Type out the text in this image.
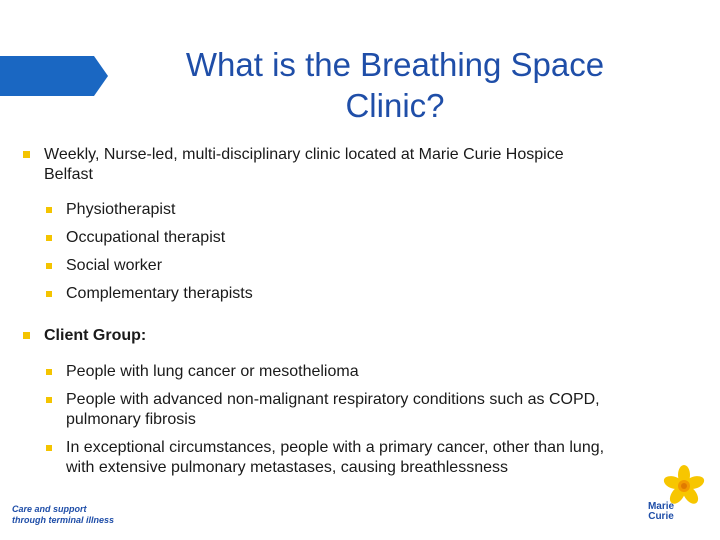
What is the Breathing Space
Clinic?
Weekly, Nurse-led, multi-disciplinary clinic located at Marie Curie Hospice
Belfast
Physiotherapist
Occupational therapist
Social worker
Complementary therapists
Client Group:
People with lung cancer or mesothelioma
People with advanced non-malignant respiratory conditions such as COPD,
pulmonary fibrosis
In exceptional circumstances, people with a primary cancer, other than lung,
with extensive pulmonary metastases, causing breathlessness
Care and support
through terminal illness
Marie
Curie
